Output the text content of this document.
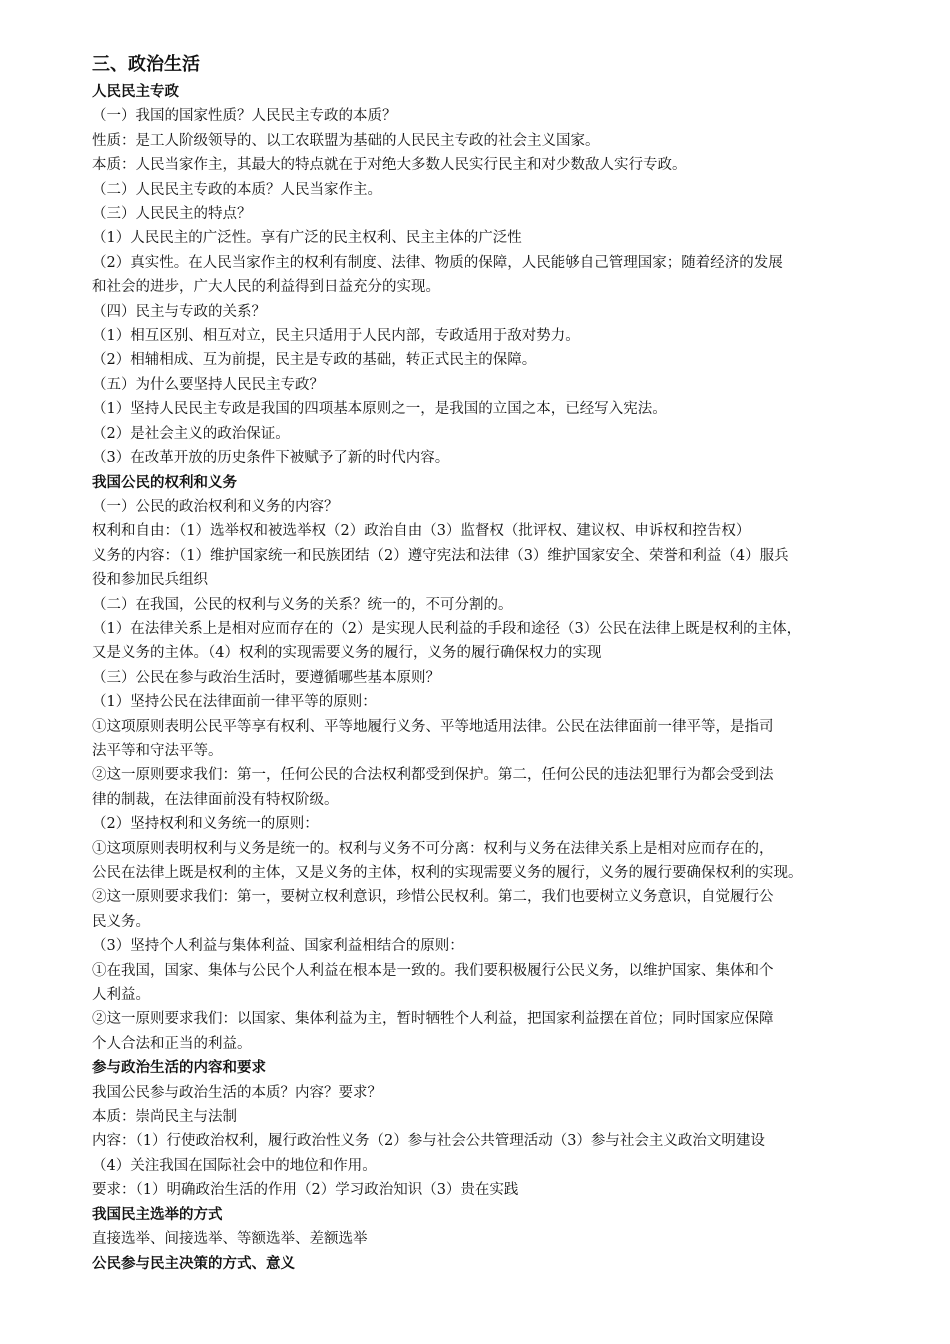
三、政治生活
人民民主专政
（一）我国的国家性质？人民民主专政的本质？
性质：是工人阶级领导的、以工农联盟为基础的人民民主专政的社会主义国家。
本质：人民当家作主，其最大的特点就在于对绝大多数人民实行民主和对少数敌人实行专政。
（二）人民民主专政的本质？人民当家作主。
（三）人民民主的特点？
（1）人民民主的广泛性。享有广泛的民主权利、民主主体的广泛性
（2）真实性。在人民当家作主的权利有制度、法律、物质的保障，人民能够自己管理国家；随着经济的发展
和社会的进步，广大人民的利益得到日益充分的实现。
（四）民主与专政的关系？
（1）相互区别、相互对立，民主只适用于人民内部，专政适用于敌对势力。
（2）相辅相成、互为前提，民主是专政的基础，转正式民主的保障。
（五）为什么要坚持人民民主专政？
（1）坚持人民民主专政是我国的四项基本原则之一，是我国的立国之本，已经写入宪法。
（2）是社会主义的政治保证。
（3）在改革开放的历史条件下被赋予了新的时代内容。
我国公民的权利和义务
（一）公民的政治权利和义务的内容？
权利和自由：（1）选举权和被选举权（2）政治自由（3）监督权（批评权、建议权、申诉权和控告权）
义务的内容：（1）维护国家统一和民族团结（2）遵守宪法和法律（3）维护国家安全、荣誉和利益（4）服兵
役和参加民兵组织
（二）在我国，公民的权利与义务的关系？统一的，不可分割的。
（1）在法律关系上是相对应而存在的（2）是实现人民利益的手段和途径（3）公民在法律上既是权利的主体，
又是义务的主体。（4）权利的实现需要义务的履行，义务的履行确保权力的实现
（三）公民在参与政治生活时，要遵循哪些基本原则？
（1）坚持公民在法律面前一律平等的原则：
①这项原则表明公民平等享有权利、平等地履行义务、平等地适用法律。公民在法律面前一律平等，是指司
法平等和守法平等。
②这一原则要求我们：第一，任何公民的合法权利都受到保护。第二，任何公民的违法犯罪行为都会受到法
律的制裁，在法律面前没有特权阶级。
（2）坚持权利和义务统一的原则：
①这项原则表明权利与义务是统一的。权利与义务不可分离：权利与义务在法律关系上是相对应而存在的，
公民在法律上既是权利的主体，又是义务的主体，权利的实现需要义务的履行，义务的履行要确保权利的实现。
②这一原则要求我们：第一，要树立权利意识，珍惜公民权利。第二，我们也要树立义务意识，自觉履行公
民义务。
（3）坚持个人利益与集体利益、国家利益相结合的原则：
①在我国，国家、集体与公民个人利益在根本是一致的。我们要积极履行公民义务，以维护国家、集体和个
人利益。
②这一原则要求我们：以国家、集体利益为主，暂时牺牲个人利益，把国家利益摆在首位；同时国家应保障
个人合法和正当的利益。
参与政治生活的内容和要求
我国公民参与政治生活的本质？内容？要求？
本质：崇尚民主与法制
内容：（1）行使政治权利，履行政治性义务（2）参与社会公共管理活动（3）参与社会主义政治文明建设
（4）关注我国在国际社会中的地位和作用。
要求：（1）明确政治生活的作用（2）学习政治知识（3）贵在实践
我国民主选举的方式
直接选举、间接选举、等额选举、差额选举
公民参与民主决策的方式、意义
